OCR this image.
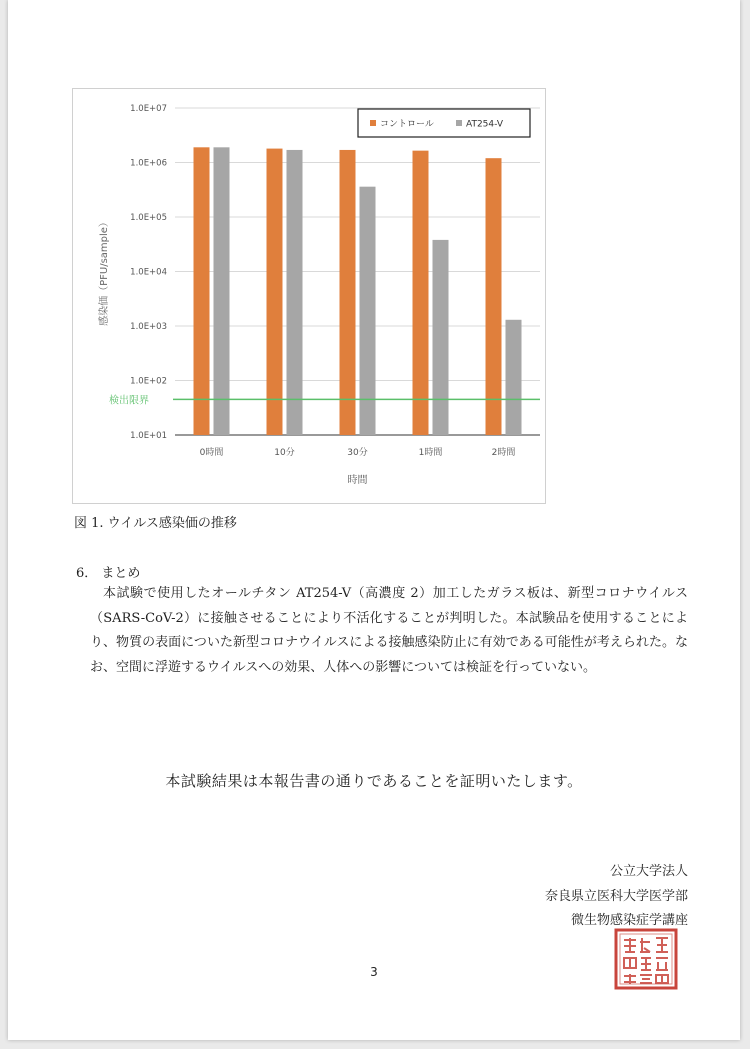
1.0E+01
1.0E+02
1.0E+03
1.0E+04
1.0E+05
1.0E+06
1.0E+07
0時間	10分	30分	1時間	2時間
時間
感染価（PFU/sample）
検出限界
コントロール	AT254-V
図 1. ウイルス感染価の推移
6． まとめ
本試験で使用したオールチタン AT254-V（高濃度 2）加工したガラス板は、新型コロナウイルス（SARS-CoV-2）に接触させることにより不活化することが判明した。本試験品を使用することにより、物質の表面についた新型コロナウイルスによる接触感染防止に有効である可能性が考えられた。なお、空間に浮遊するウイルスへの効果、人体への影響については検証を行っていない。
本試験結果は本報告書の通りであることを証明いたします。
公立大学法人
奈良県立医科大学医学部
微生物感染症学講座
3
